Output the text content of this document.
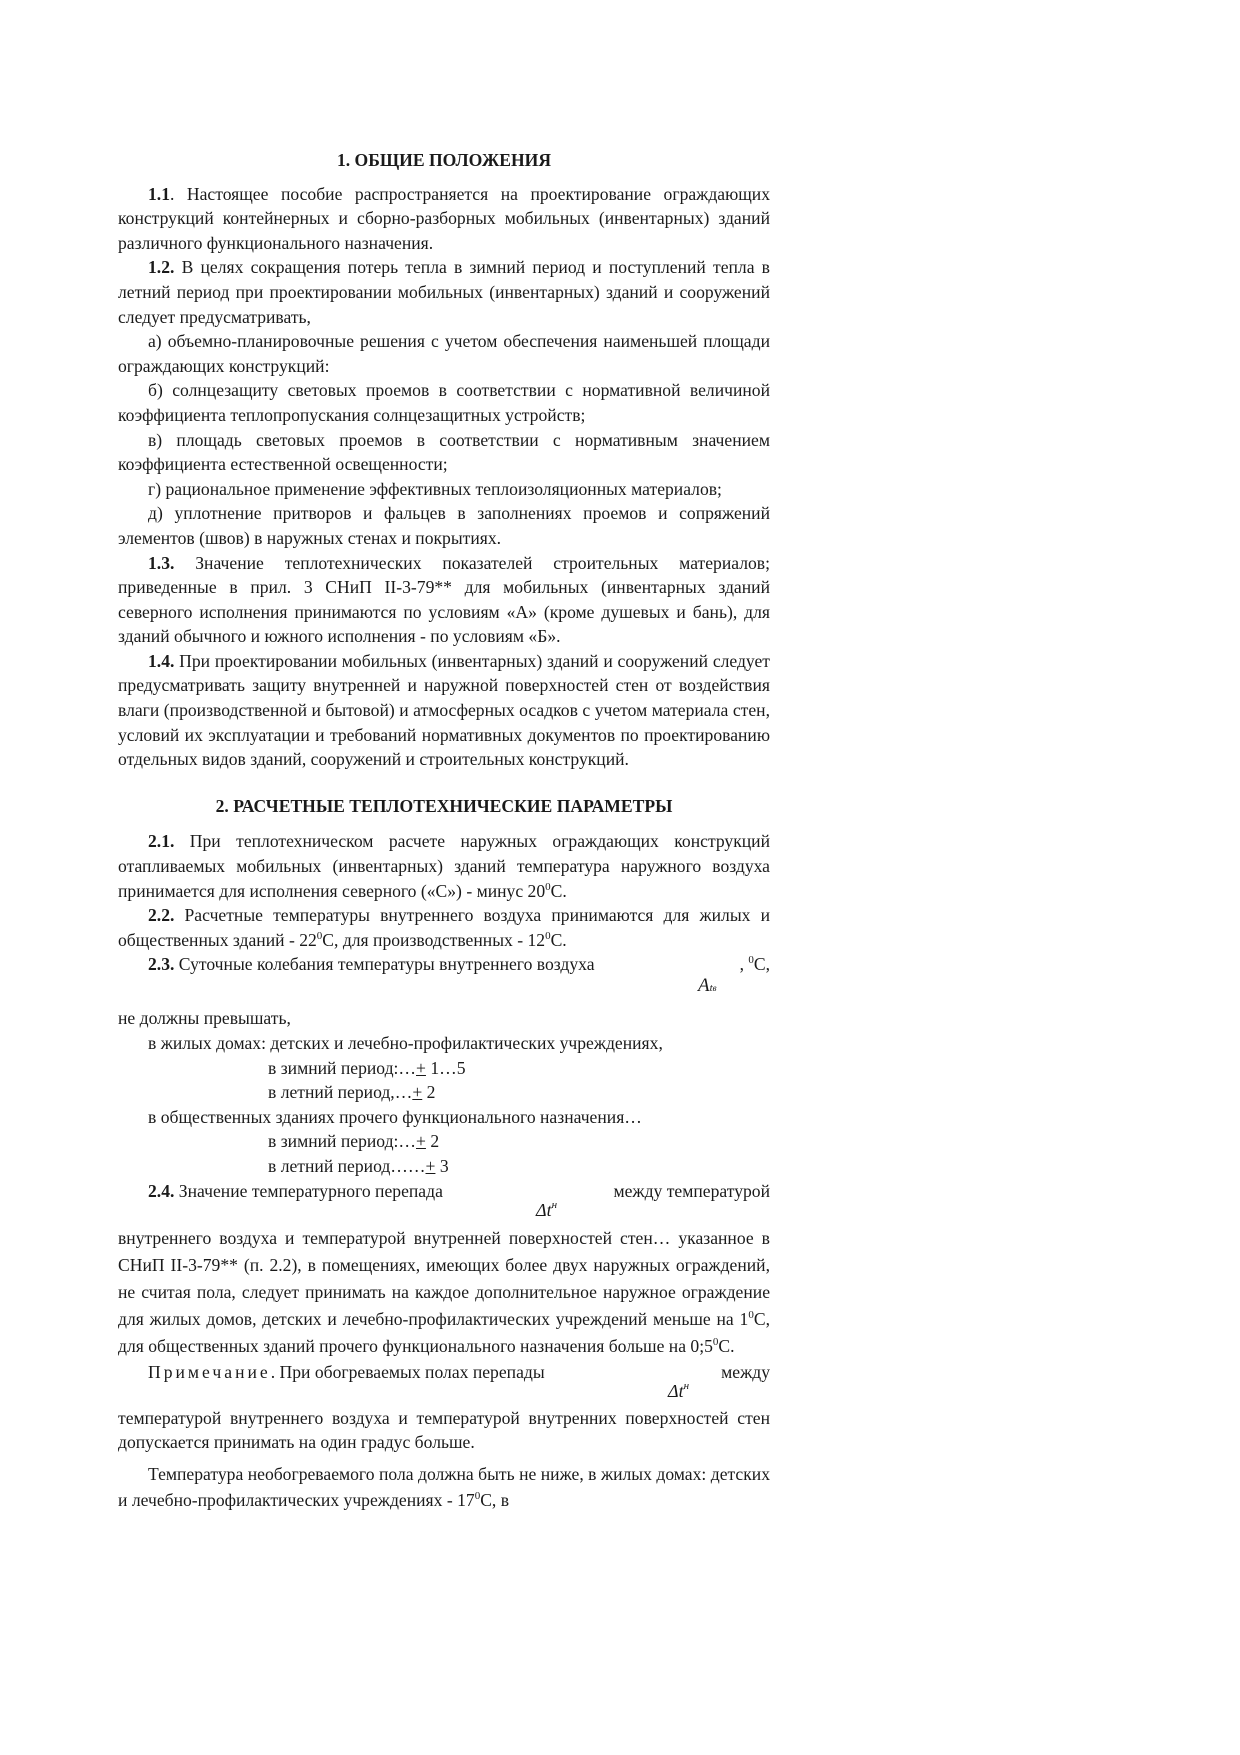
1. ОБЩИЕ ПОЛОЖЕНИЯ

1.1. Настоящее пособие распространяется на проектирование ограждающих конструкций контейнерных и сборно-разборных мобильных (инвентарных) зданий различного функционального назначения.

1.2. В целях сокращения потерь тепла в зимний период и поступлений тепла в летний период при проектировании мобильных (инвентарных) зданий и сооружений следует предусматривать,

а) объемно-планировочные решения с учетом обеспечения наименьшей площади ограждающих конструкций:

б) солнцезащиту световых проемов в соответствии с нормативной величиной коэффициента теплопропускания солнцезащитных устройств;

в) площадь световых проемов в соответствии с нормативным значением коэффициента естественной освещенности;

г) рациональное применение эффективных теплоизоляционных материалов;

д) уплотнение притворов и фальцев в заполнениях проемов и сопряжений элементов (швов) в наружных стенах и покрытиях.

1.3. Значение теплотехнических показателей строительных материалов; приведенные в прил. 3 СНиП II-3-79** для мобильных (инвентарных зданий северного исполнения принимаются по условиям «А» (кроме душевых и бань), для зданий обычного и южного исполнения - по условиям «Б».

1.4. При проектировании мобильных (инвентарных) зданий и сооружений следует предусматривать защиту внутренней и наружной поверхностей стен от воздействия влаги (производственной и бытовой) и атмосферных осадков с учетом материала стен, условий их эксплуатации и требований нормативных документов по проектированию отдельных видов зданий, сооружений и строительных конструкций.

2. РАСЧЕТНЫЕ ТЕПЛОТЕХНИЧЕСКИЕ ПАРАМЕТРЫ

2.1. При теплотехническом расчете наружных ограждающих конструкций отапливаемых мобильных (инвентарных) зданий температура наружного воздуха принимается для исполнения северного («С») - минус $20^0С$.

2.2. Расчетные температуры внутреннего воздуха принимаются для жилых и общественных зданий - $22^0С$, для производственных - $12^0С$.

2.3. Суточные колебания температуры внутреннего воздуха	, $^0$С,
Atв

не должны превышать,

в жилых домах: детских и лечебно-профилактических учреждениях,

в зимний период:…+ 1…5

в летний период,…+ 2

в общественных зданиях прочего функционального назначения…

в зимний период:…+ 2

в летний период……+ 3

2.4. Значение температурного перепада	между температурой
$\Delta t^н$

внутреннего воздуха и температурой внутренней поверхностей стен… указанное в СНиП II-3-79** (п. 2.2), в помещениях, имеющих более двух наружных ограждений, не считая пола, следует принимать на каждое дополнительное наружное ограждение для жилых домов, детских и лечебно-профилактических учреждений меньше на $1^0С$, для общественных зданий прочего функционального назначения больше на $0;5^0С$.

Примечание. При обогреваемых полах перепады	между
$\Delta t^н$

температурой внутреннего воздуха и температурой внутренних поверхностей стен допускается принимать на один градус больше.

Температура необогреваемого пола должна быть не ниже, в жилых домах: детских и лечебно-профилактических учреждениях - $17^0С$, в
